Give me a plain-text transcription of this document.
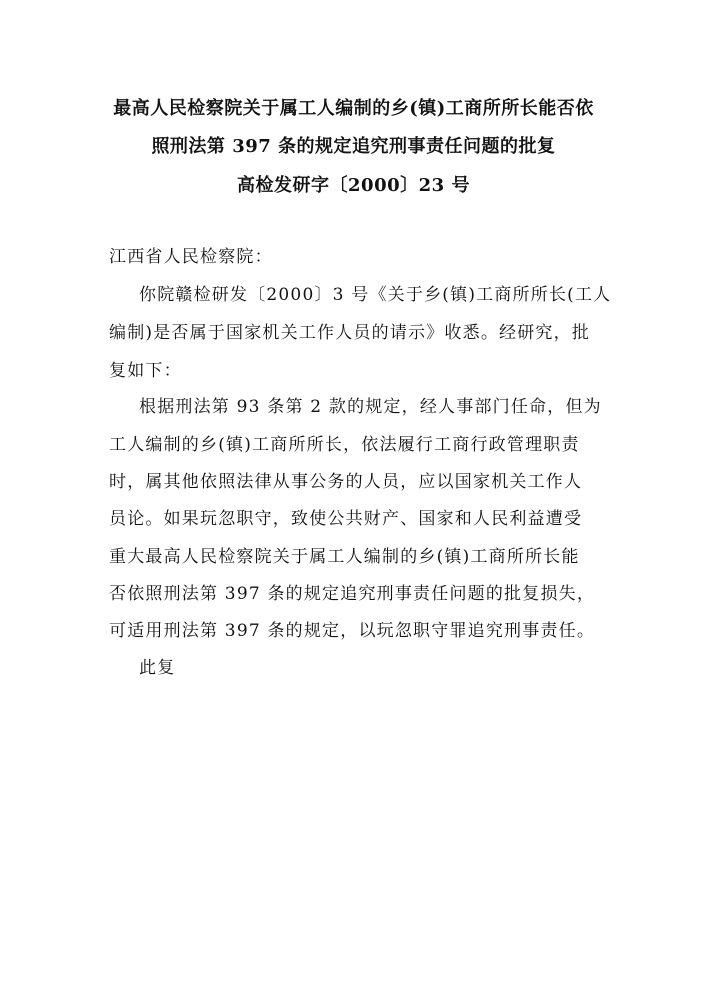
最高人民检察院关于属工人编制的乡(镇)工商所所长能否依
照刑法第 397 条的规定追究刑事责任问题的批复
高检发研字〔2000〕23 号
江西省人民检察院：
你院赣检研发〔2000〕3 号《关于乡(镇)工商所所长(工人
编制)是否属于国家机关工作人员的请示》收悉。经研究，批
复如下：
根据刑法第 93 条第 2 款的规定，经人事部门任命，但为
工人编制的乡(镇)工商所所长，依法履行工商行政管理职责
时，属其他依照法律从事公务的人员，应以国家机关工作人
员论。如果玩忽职守，致使公共财产、国家和人民利益遭受
重大最高人民检察院关于属工人编制的乡(镇)工商所所长能
否依照刑法第 397 条的规定追究刑事责任问题的批复损失，
可适用刑法第 397 条的规定，以玩忽职守罪追究刑事责任。
此复
